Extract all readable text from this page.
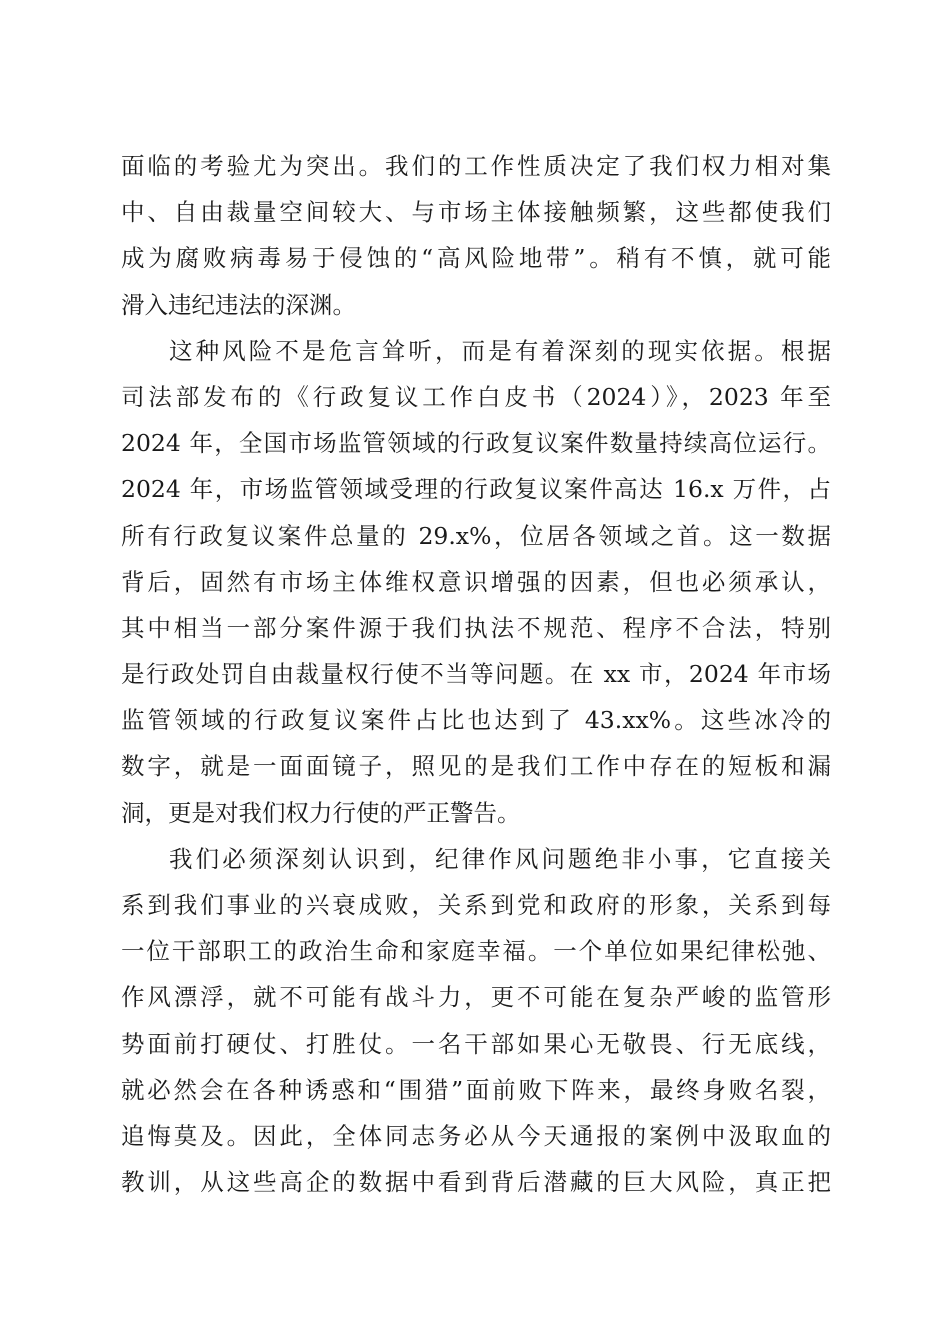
面临的考验尤为突出。我们的工作性质决定了我们权力相对集
中、自由裁量空间较大、与市场主体接触频繁，这些都使我们
成为腐败病毒易于侵蚀的“高风险地带”。稍有不慎，就可能
滑入违纪违法的深渊。
这种风险不是危言耸听，而是有着深刻的现实依据。根据
司法部发布的《行政复议工作白皮书（2024）》，2023 年至
2024 年，全国市场监管领域的行政复议案件数量持续高位运行。
2024 年，市场监管领域受理的行政复议案件高达 16.x 万件，占
所有行政复议案件总量的 29.x%，位居各领域之首。这一数据
背后，固然有市场主体维权意识增强的因素，但也必须承认，
其中相当一部分案件源于我们执法不规范、程序不合法，特别
是行政处罚自由裁量权行使不当等问题。在 xx 市，2024 年市场
监管领域的行政复议案件占比也达到了 43.xx%。这些冰冷的
数字，就是一面面镜子，照见的是我们工作中存在的短板和漏
洞，更是对我们权力行使的严正警告。
我们必须深刻认识到，纪律作风问题绝非小事，它直接关
系到我们事业的兴衰成败，关系到党和政府的形象，关系到每
一位干部职工的政治生命和家庭幸福。一个单位如果纪律松弛、
作风漂浮，就不可能有战斗力，更不可能在复杂严峻的监管形
势面前打硬仗、打胜仗。一名干部如果心无敬畏、行无底线，
就必然会在各种诱惑和“围猎”面前败下阵来，最终身败名裂，
追悔莫及。因此，全体同志务必从今天通报的案例中汲取血的
教训，从这些高企的数据中看到背后潜藏的巨大风险，真正把
